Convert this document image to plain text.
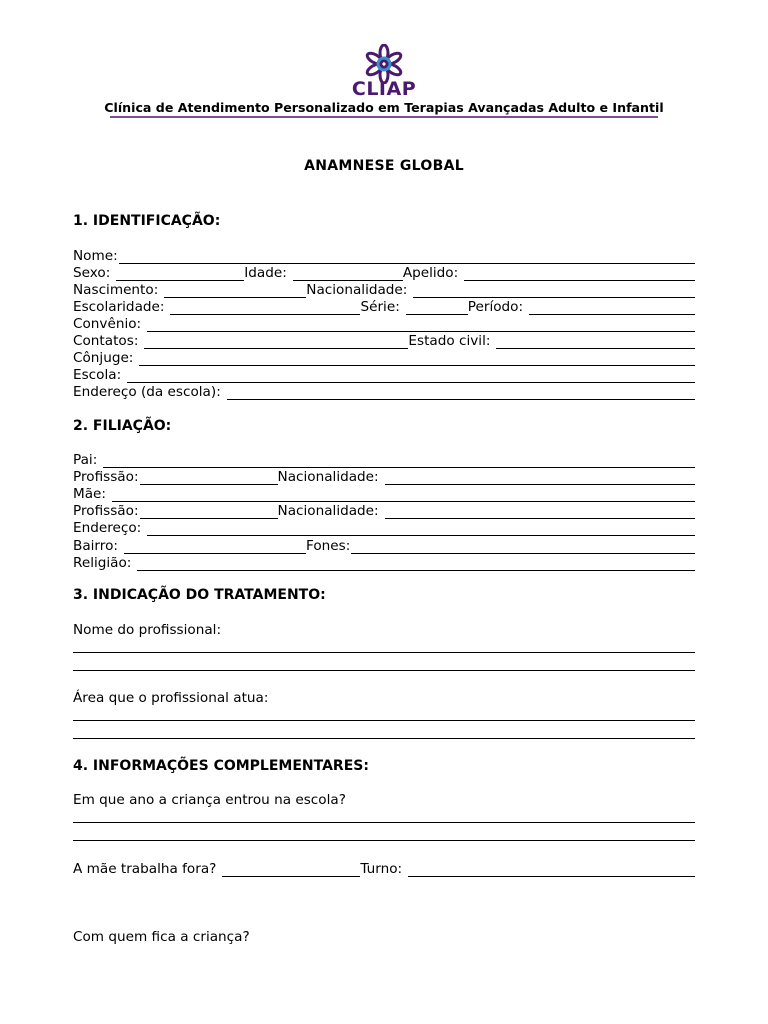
CLIAP
Clínica de Atendimento Personalizado em Terapias Avançadas Adulto e Infantil
ANAMNESE GLOBAL
1. IDENTIFICAÇÃO:
Nome:
Sexo:	Idade:	Apelido:
Nascimento:	Nacionalidade:
Escolaridade:	Série:	Período:
Convênio:
Contatos:	Estado civil:
Cônjuge:
Escola:
Endereço (da escola):
2. FILIAÇÃO:
Pai:
Profissão:	Nacionalidade:
Mãe:
Profissão:	Nacionalidade:
Endereço:
Bairro:	Fones:
Religião:
3. INDICAÇÃO DO TRATAMENTO:
Nome do profissional:
Área que o profissional atua:
4. INFORMAÇÕES COMPLEMENTARES:
Em que ano a criança entrou na escola?
A mãe trabalha fora?	Turno:
Com quem fica a criança?
